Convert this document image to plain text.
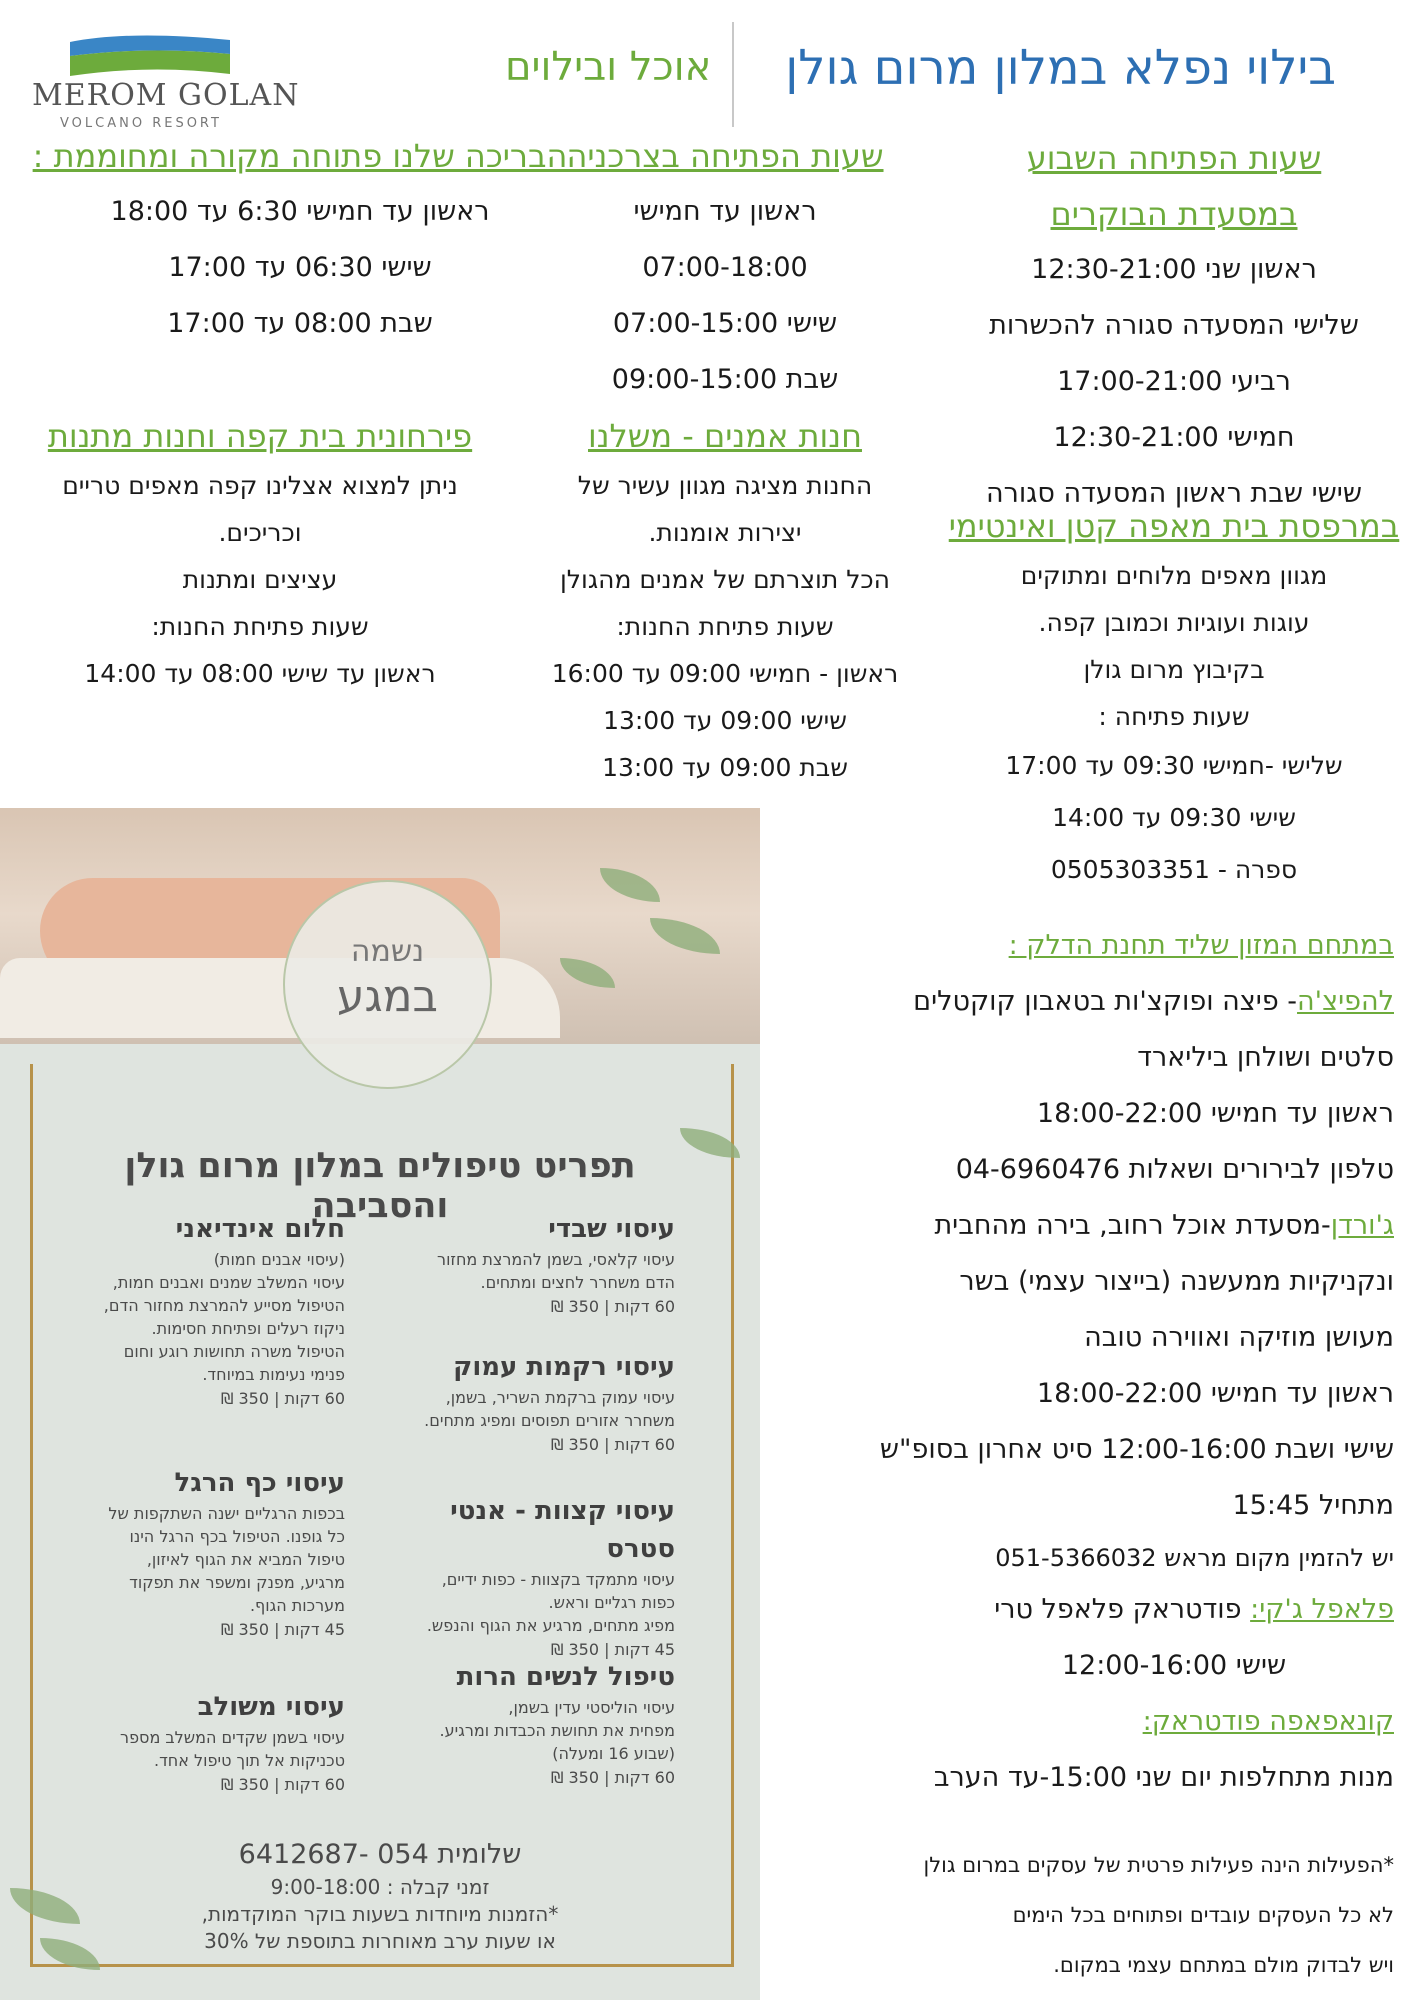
MEROM GOLAN
VOLCANO RESORT
בילוי נפלא במלון מרום גולן
אוכל ובילוים
שעות הפתיחה השבוע
במסעדת הבוקרים

ראשון שני 12:30-21:00

שלישי המסעדה סגורה להכשרות

רביעי 17:00-21:00

חמישי 12:30-21:00

שישי שבת ראשון המסעדה סגורה

במרפסת בית מאפה קטן ואינטימי

מגוון מאפים מלוחים ומתוקים

עוגות ועוגיות וכמובן קפה.

בקיבוץ מרום גולן

שעות פתיחה :

שלישי -חמישי 09:30 עד 17:00

שישי 09:30 עד 14:00

ספרה - 0505303351

שעות הפתיחה בצרכניה

ראשון עד חמישי

07:00-18:00

שישי 07:00-15:00

שבת 09:00-15:00

חנות אמנים - משלנו

החנות מציגה מגוון עשיר של

יצירות אומנות.

הכל תוצרתם של אמנים מהגולן

שעות פתיחת החנות:

ראשון - חמישי 09:00 עד 16:00

שישי 09:00 עד 13:00

שבת 09:00 עד 13:00

הבריכה שלנו פתוחה מקורה ומחוממת :

ראשון עד חמישי 6:30 עד 18:00

שישי 06:30 עד 17:00

שבת 08:00 עד 17:00

פירחונית בית קפה וחנות מתנות

ניתן למצוא אצלינו קפה מאפים טריים

וכריכים.

עציצים ומתנות

שעות פתיחת החנות:

ראשון עד שישי 08:00 עד 14:00

נשמה
במגע
תפריט טיפולים במלון מרום גולן והסביבה
עיסוי שבדי
עיסוי קלאסי, בשמן להמרצת מחזור
הדם משחרר לחצים ומתחים.
60 דקות | 350 ₪
עיסוי רקמות עמוק
עיסוי עמוק ברקמת השריר, בשמן,
משחרר אזורים תפוסים ומפיג מתחים.
60 דקות | 350 ₪
עיסוי קצוות - אנטי סטרס
עיסוי מתמקד בקצוות - כפות ידיים,
כפות רגליים וראש.
מפיג מתחים, מרגיע את הגוף והנפש.
45 דקות | 350 ₪
טיפול לנשים הרות
עיסוי הוליסטי עדין בשמן,
מפחית את תחושת הכבדות ומרגיע.
(שבוע 16 ומעלה)
60 דקות | 350 ₪
חלום אינדיאני
(עיסוי אבנים חמות)
עיסוי המשלב שמנים ואבנים חמות,
הטיפול מסייע להמרצת מחזור הדם,
ניקוז רעלים ופתיחת חסימות.
הטיפול משרה תחושות רוגע וחום
פנימי נעימות במיוחד.
60 דקות | 350 ₪
עיסוי כף הרגל
בכפות הרגליים ישנה השתקפות של
כל גופנו. הטיפול בכף הרגל הינו
טיפול המביא את הגוף לאיזון,
מרגיע, מפנק ומשפר את תפקוד
מערכות הגוף.
45 דקות | 350 ₪
עיסוי משולב
עיסוי בשמן שקדים המשלב מספר
טכניקות אל תוך טיפול אחד.
60 דקות | 350 ₪
שלומית 054 -6412687
זמני קבלה : 9:00-18:00
*הזמנות מיוחדות בשעות בוקר המוקדמות,
או שעות ערב מאוחרות בתוספת של 30%

במתחם המזון שליד תחנת הדלק :

להפיצ'ה- פיצה ופוקצ'ות בטאבון קוקטלים

סלטים ושולחן ביליארד

ראשון עד חמישי 18:00-22:00

טלפון לבירורים ושאלות 04-6960476

ג'ורדן-מסעדת אוכל רחוב, בירה מהחבית

ונקניקיות ממעשנה (בייצור עצמי) בשר

מעושן מוזיקה ואווירה טובה

ראשון עד חמישי 18:00-22:00

שישי ושבת 12:00-16:00 סיט אחרון בסופ"ש

מתחיל 15:45

יש להזמין מקום מראש 051-5366032

פלאפל ג'קי: פודטראק פלאפל טרי

שישי 12:00-16:00

קונאפאפה פודטראק:

מנות מתחלפות יום שני 15:00-עד הערב

*הפעילות הינה פעילות פרטית של עסקים במרום גולן

לא כל העסקים עובדים ופתוחים בכל הימים

ויש לבדוק מולם במתחם עצמי במקום.
